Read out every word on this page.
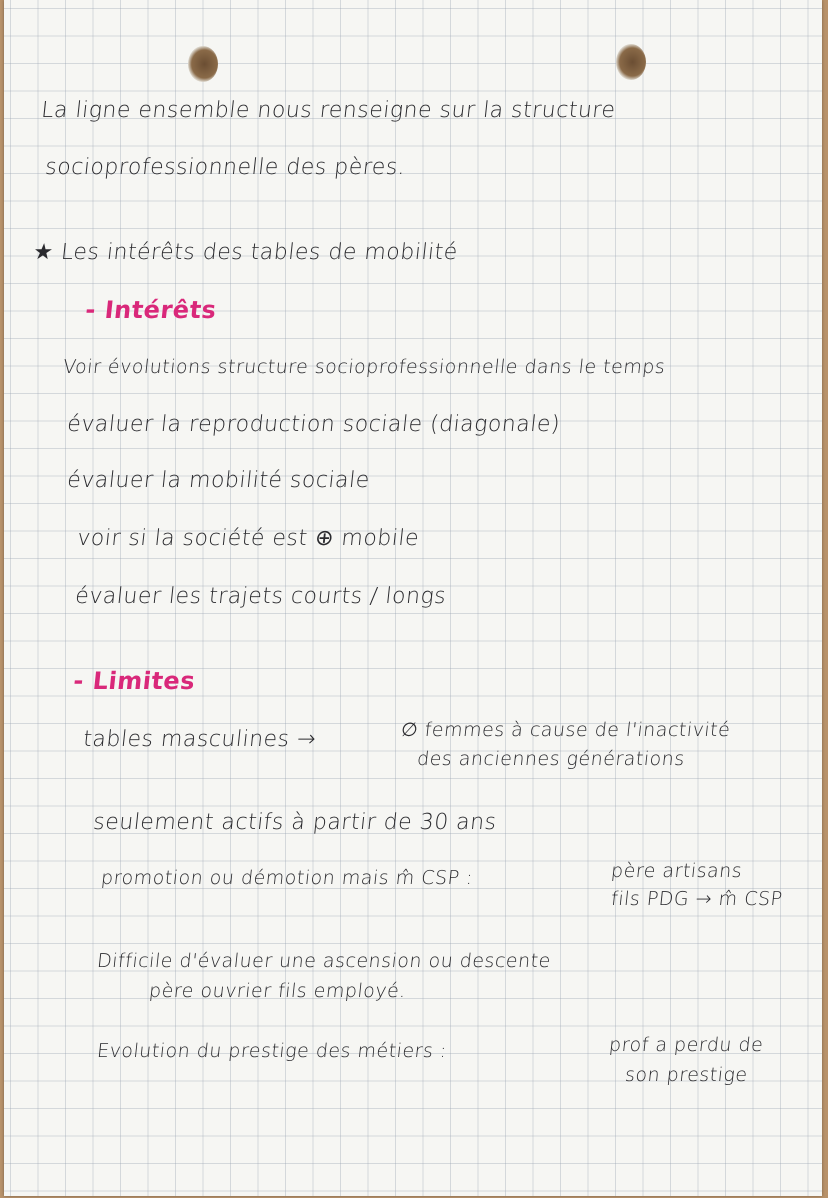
La ligne ensemble nous renseigne sur la structure
socioprofessionnelle des pères.
★ Les intérêts des tables de mobilité
- Intérêts
Voir évolutions structure socioprofessionnelle dans le temps
évaluer la reproduction sociale (diagonale)
évaluer la mobilité sociale
voir si la société est ⊕ mobile
évaluer les trajets courts / longs
- Limites
tables masculines →	∅ femmes à cause de l'inactivité
des anciennes générations
seulement actifs à partir de 30 ans
promotion ou démotion mais m̂ CSP :	père artisans
fils PDG → m̂ CSP
Difficile d'évaluer une ascension ou descente
père ouvrier fils employé.
Evolution du prestige des métiers :	prof a perdu de
son prestige
